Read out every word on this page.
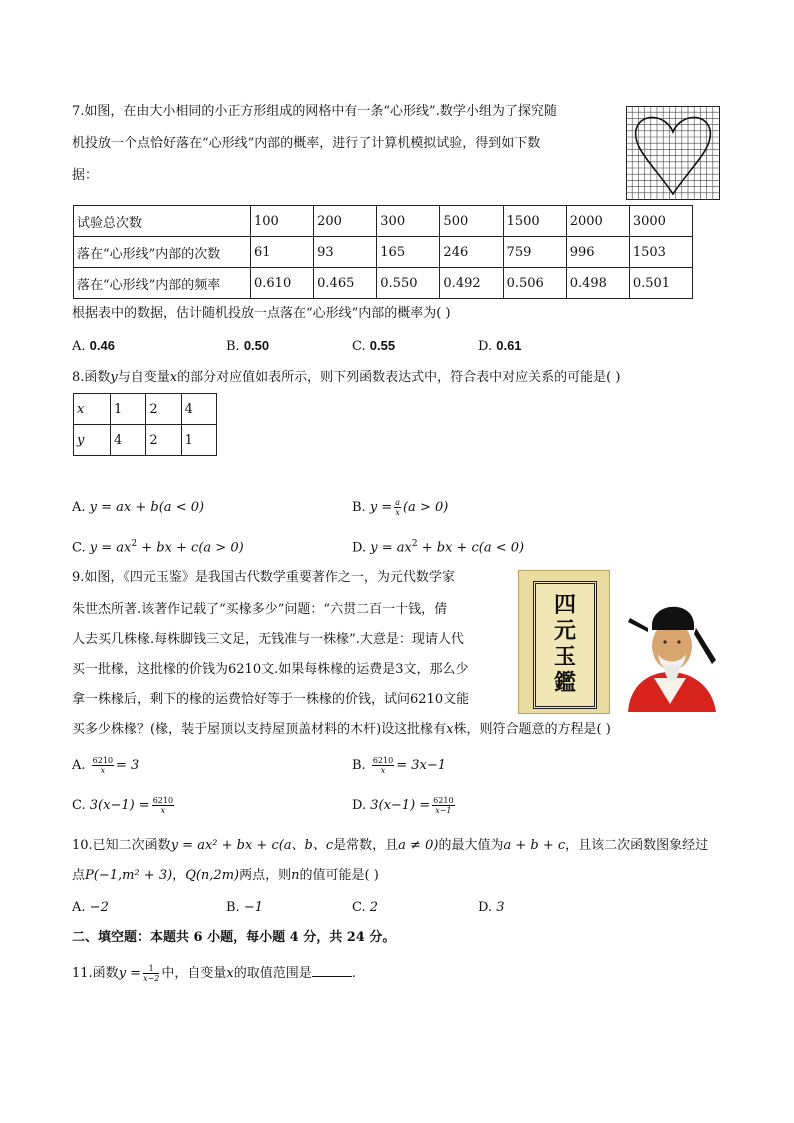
7.如图，在由大小相同的小正方形组成的网格中有一条“心形线”.数学小组为了探究随
机投放一个点恰好落在“心形线”内部的概率，进行了计算机模拟试验，得到如下数
据：
试验总次数	100	200	300	500	1500	2000	3000
落在“心形线”内部的次数	61	93	165	246	759	996	1503
落在“心形线”内部的频率	0.610	0.465	0.550	0.492	0.506	0.498	0.501
根据表中的数据，估计随机投放一点落在“心形线”内部的概率为( )
A. 0.46	B. 0.50	C. 0.55	D. 0.61
8.函数y与自变量x的部分对应值如表所示，则下列函数表达式中，符合表中对应关系的可能是( )
x	1	2	4
y	4	2	1
A. y = ax + b(a < 0)	B. $y = \frac{a}{x} (a > 0)$
C. $y = ax^2$ + bx + c(a > 0)	D. $y = ax^2$ + bx + c(a < 0)
9.如图，《四元玉鉴》是我国古代数学重要著作之一，为元代数学家
朱世杰所著.该著作记载了“买椽多少”问题：“六贯二百一十钱，倩
人去买几株椽.每株脚钱三文足，无钱准与一株椽”.大意是：现请人代
买一批椽，这批椽的价钱为6210文.如果每株椽的运费是3文，那么少
拿一株椽后，剩下的椽的运费恰好等于一株椽的价钱，试问6210文能
买多少株椽？(椽，装于屋顶以支持屋顶盖材料的木杆)设这批椽有x株，则符合题意的方程是( )
四
元
玉
鑑
A. $\frac{6210}{x} = 3$	B. $\frac{6210}{x} = 3x-1$
C. $3(x-1) = \frac{6210}{x}$	D. $3(x-1) = \frac{6210}{x-1}$
10.已知二次函数y = ax² + bx + c(a、b、c是常数，且a ≠ 0)的最大值为a + b + c，且该二次函数图象经过
点P(−1,m² + 3)，Q(n,2m)两点，则n的值可能是( )
A. −2	B. −1	C. 2	D. 3
二、填空题：本题共 6 小题，每小题 4 分，共 24 分。
11.函数$y = \frac{1}{x-2}$ 中，自变量x的取值范围是	.
